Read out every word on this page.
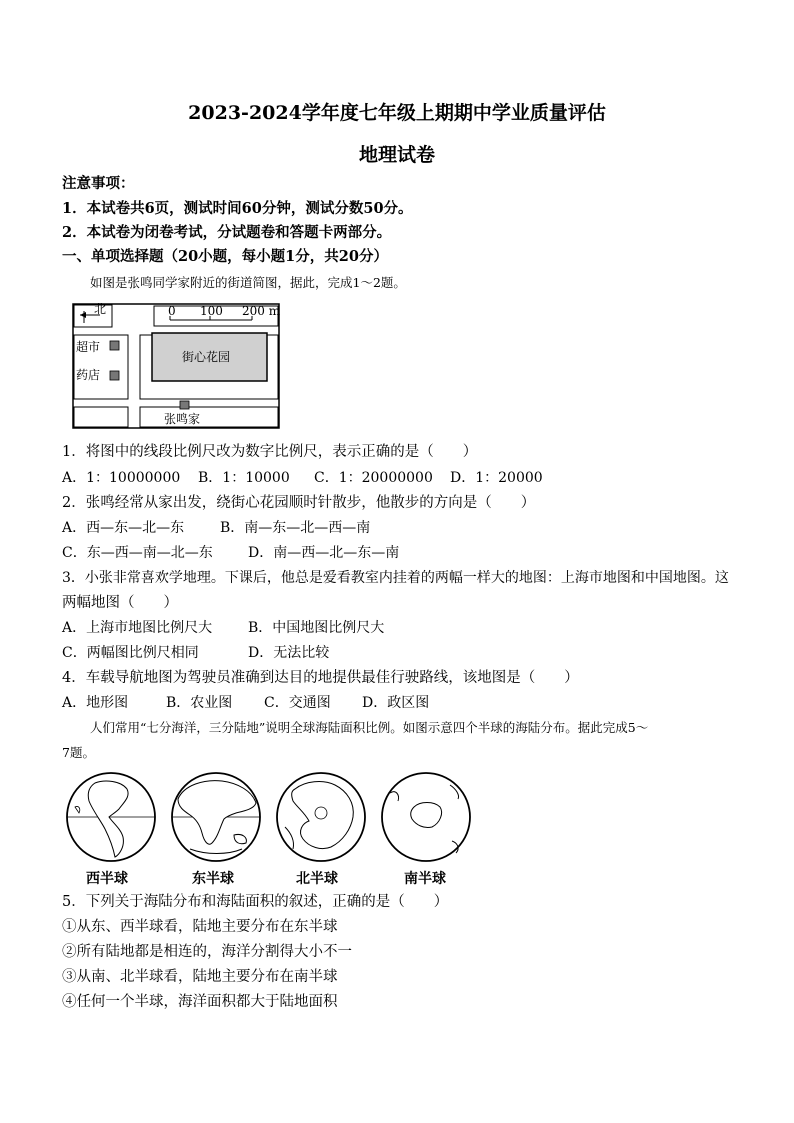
2023-2024学年度七年级上期期中学业质量评估
地理试卷
注意事项：
1．本试卷共6页，测试时间60分钟，测试分数50分。
2．本试卷为闭卷考试，分试题卷和答题卡两部分。
一、单项选择题（20小题，每小题1分，共20分）
如图是张鸣同学家附近的街道简图，据此，完成1～2题。
北	0 100 200 m
超市
药店
街心花园
张鸣家
1．将图中的线段比例尺改为数字比例尺，表示正确的是（　　）
A．1：10000000 B．1：10000 C．1：20000000 D．1：20000
2．张鸣经常从家出发，绕街心花园顺时针散步，他散步的方向是（　　）
A．西—东—北—东	B．南—东—北—西—南
C．东—西—南—北—东	D．南—西—北—东—南
3．小张非常喜欢学地理。下课后，他总是爱看教室内挂着的两幅一样大的地图：上海市地图和中国地图。这
两幅地图（　　）
A．上海市地图比例尺大	B．中国地图比例尺大
C．两幅图比例尺相同	D．无法比较
4．车载导航地图为驾驶员准确到达目的地提供最佳行驶路线，该地图是（　　）
A．地形图	B．农业图 C．交通图 D．政区图
人们常用“七分海洋，三分陆地”说明全球海陆面积比例。如图示意四个半球的海陆分布。据此完成5～
7题。
西半球	东半球	北半球	南半球
5．下列关于海陆分布和海陆面积的叙述，正确的是（　　）
①从东、西半球看，陆地主要分布在东半球
②所有陆地都是相连的，海洋分割得大小不一
③从南、北半球看，陆地主要分布在南半球
④任何一个半球，海洋面积都大于陆地面积
